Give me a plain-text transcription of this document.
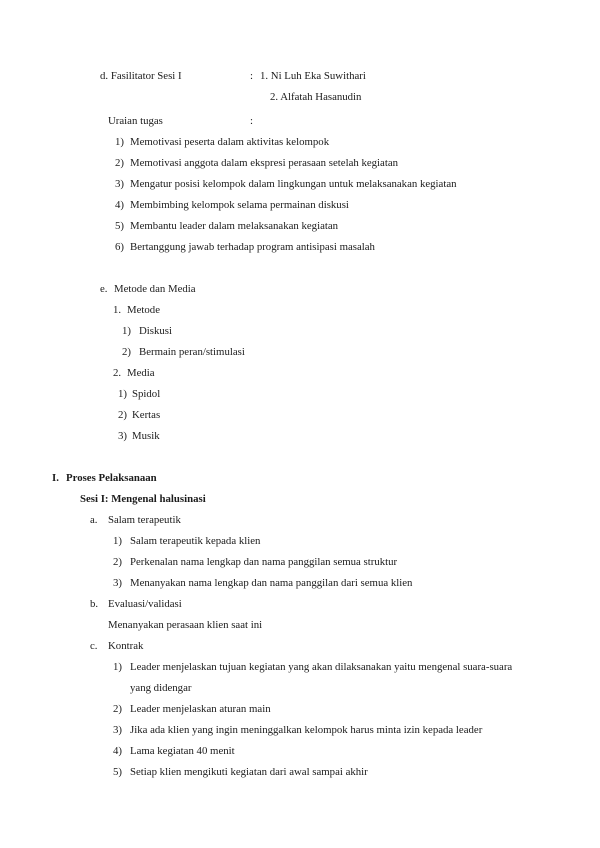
d. Fasilitator Sesi I	: 1. Ni Luh Eka Suwithari
2. Alfatah Hasanudin
Uraian tugas	:
1) Memotivasi peserta dalam aktivitas kelompok
2) Memotivasi anggota dalam ekspresi perasaan setelah kegiatan
3) Mengatur posisi kelompok dalam lingkungan untuk melaksanakan kegiatan
4) Membimbing kelompok selama permainan diskusi
5) Membantu leader dalam melaksanakan kegiatan
6) Bertanggung jawab terhadap program antisipasi masalah
e. Metode dan Media
1. Metode
1) Diskusi
2) Bermain peran/stimulasi
2. Media
1) Spidol
2) Kertas
3) Musik
I. Proses Pelaksanaan
Sesi I: Mengenal halusinasi
a. Salam terapeutik
1) Salam terapeutik kepada klien
2) Perkenalan nama lengkap dan nama panggilan semua struktur
3) Menanyakan nama lengkap dan nama panggilan dari semua klien
b. Evaluasi/validasi
Menanyakan perasaan klien saat ini
c. Kontrak
1) Leader menjelaskan tujuan kegiatan yang akan dilaksanakan yaitu mengenal suara-suara yang didengar
2) Leader menjelaskan aturan main
3) Jika ada klien yang ingin meninggalkan kelompok harus minta izin kepada leader
4) Lama kegiatan 40 menit
5) Setiap klien mengikuti kegiatan dari awal sampai akhir
